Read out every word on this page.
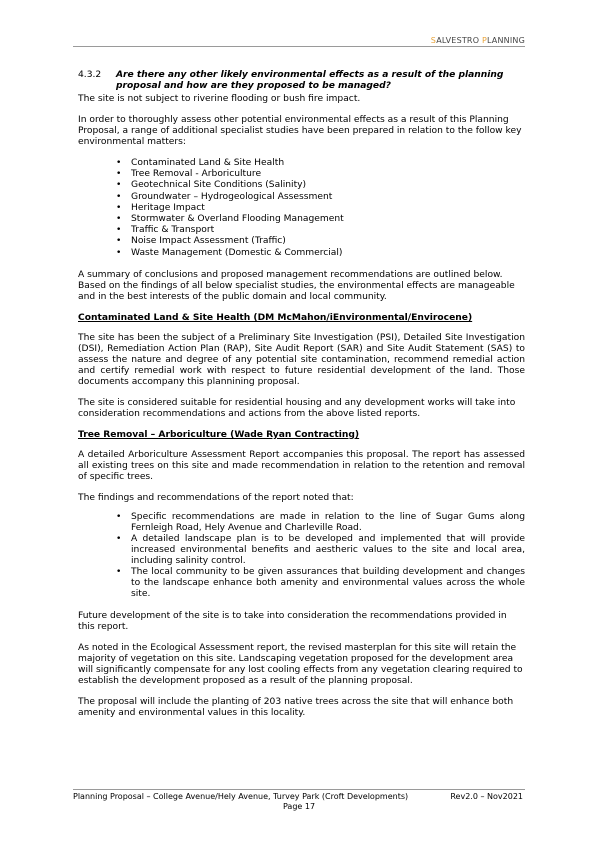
SALVESTRO PLANNING
4.3.2 Are there any other likely environmental effects as a result of the planning proposal and how are they proposed to be managed?

The site is not subject to riverine flooding or bush fire impact.

In order to thoroughly assess other potential environmental effects as a result of this Planning Proposal, a range of additional specialist studies have been prepared in relation to the follow key environmental matters:

• Contaminated Land & Site Health
• Tree Removal - Arboriculture
• Geotechnical Site Conditions (Salinity)
• Groundwater – Hydrogeological Assessment
• Heritage Impact
• Stormwater & Overland Flooding Management
• Traffic & Transport
• Noise Impact Assessment (Traffic)
• Waste Management (Domestic & Commercial)

A summary of conclusions and proposed management recommendations are outlined below. Based on the findings of all below specialist studies, the environmental effects are manageable and in the best interests of the public domain and local community.

Contaminated Land & Site Health (DM McMahon/iEnvironmental/Envirocene)

The site has been the subject of a Preliminary Site Investigation (PSI), Detailed Site Investigation (DSI), Remediation Action Plan (RAP), Site Audit Report (SAR) and Site Audit Statement (SAS) to assess the nature and degree of any potential site contamination, recommend remedial action and certify remedial work with respect to future residential development of the land. Those documents accompany this plannining proposal.

The site is considered suitable for residential housing and any development works will take into consideration recommendations and actions from the above listed reports.

Tree Removal – Arboriculture (Wade Ryan Contracting)

A detailed Arboriculture Assessment Report accompanies this proposal. The report has assessed all existing trees on this site and made recommendation in relation to the retention and removal of specific trees.

The findings and recommendations of the report noted that:

• Specific recommendations are made in relation to the line of Sugar Gums along Fernleigh Road, Hely Avenue and Charleville Road.
• A detailed landscape plan is to be developed and implemented that will provide increased environmental benefits and aestheric values to the site and local area, including salinity control.
• The local community to be given assurances that building development and changes to the landscape enhance both amenity and environmental values across the whole site.

Future development of the site is to take into consideration the recommendations provided in this report.

As noted in the Ecological Assessment report, the revised masterplan for this site will retain the majority of vegetation on this site. Landscaping vegetation proposed for the development area will significantly compensate for any lost cooling effects from any vegetation clearing required to establish the development proposed as a result of the planning proposal.

The proposal will include the planting of 203 native trees across the site that will enhance both amenity and environmental values in this locality.

Planning Proposal – College Avenue/Hely Avenue, Turvey Park (Croft Developments)	Rev2.0 – Nov2021
Page 17
